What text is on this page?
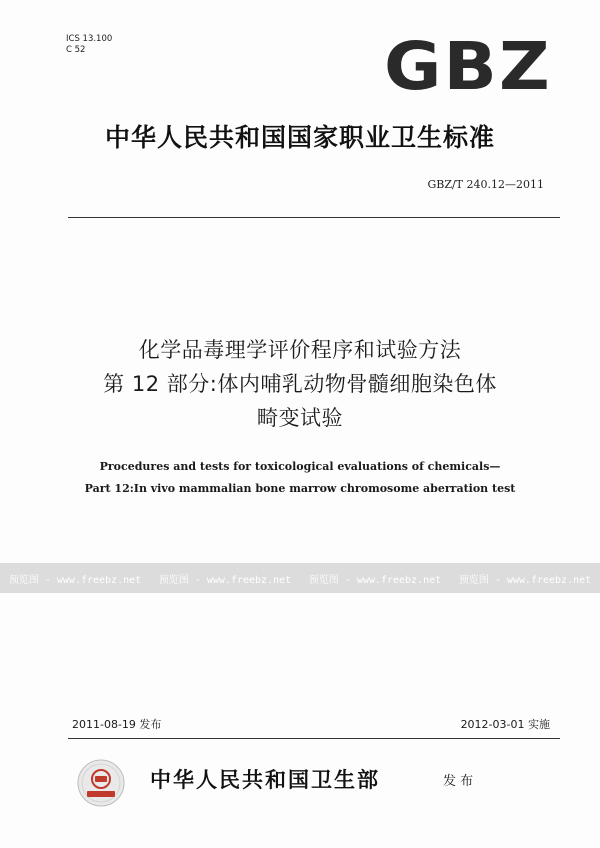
ICS 13.100
C 52	GBZ
中华人民共和国国家职业卫生标准
GBZ/T 240.12—2011
化学品毒理学评价程序和试验方法
第 12 部分:体内哺乳动物骨髓细胞染色体
畸变试验
Procedures and tests for toxicological evaluations of chemicals—
Part 12:In vivo mammalian bone marrow chromosome aberration test
预览图 - www.freebz.net 预览图 - www.freebz.net 预览图 - www.freebz.net 预览图 - www.freebz.net
2011-08-19 发布	2012-03-01 实施
中华人民共和国卫生部	发 布
